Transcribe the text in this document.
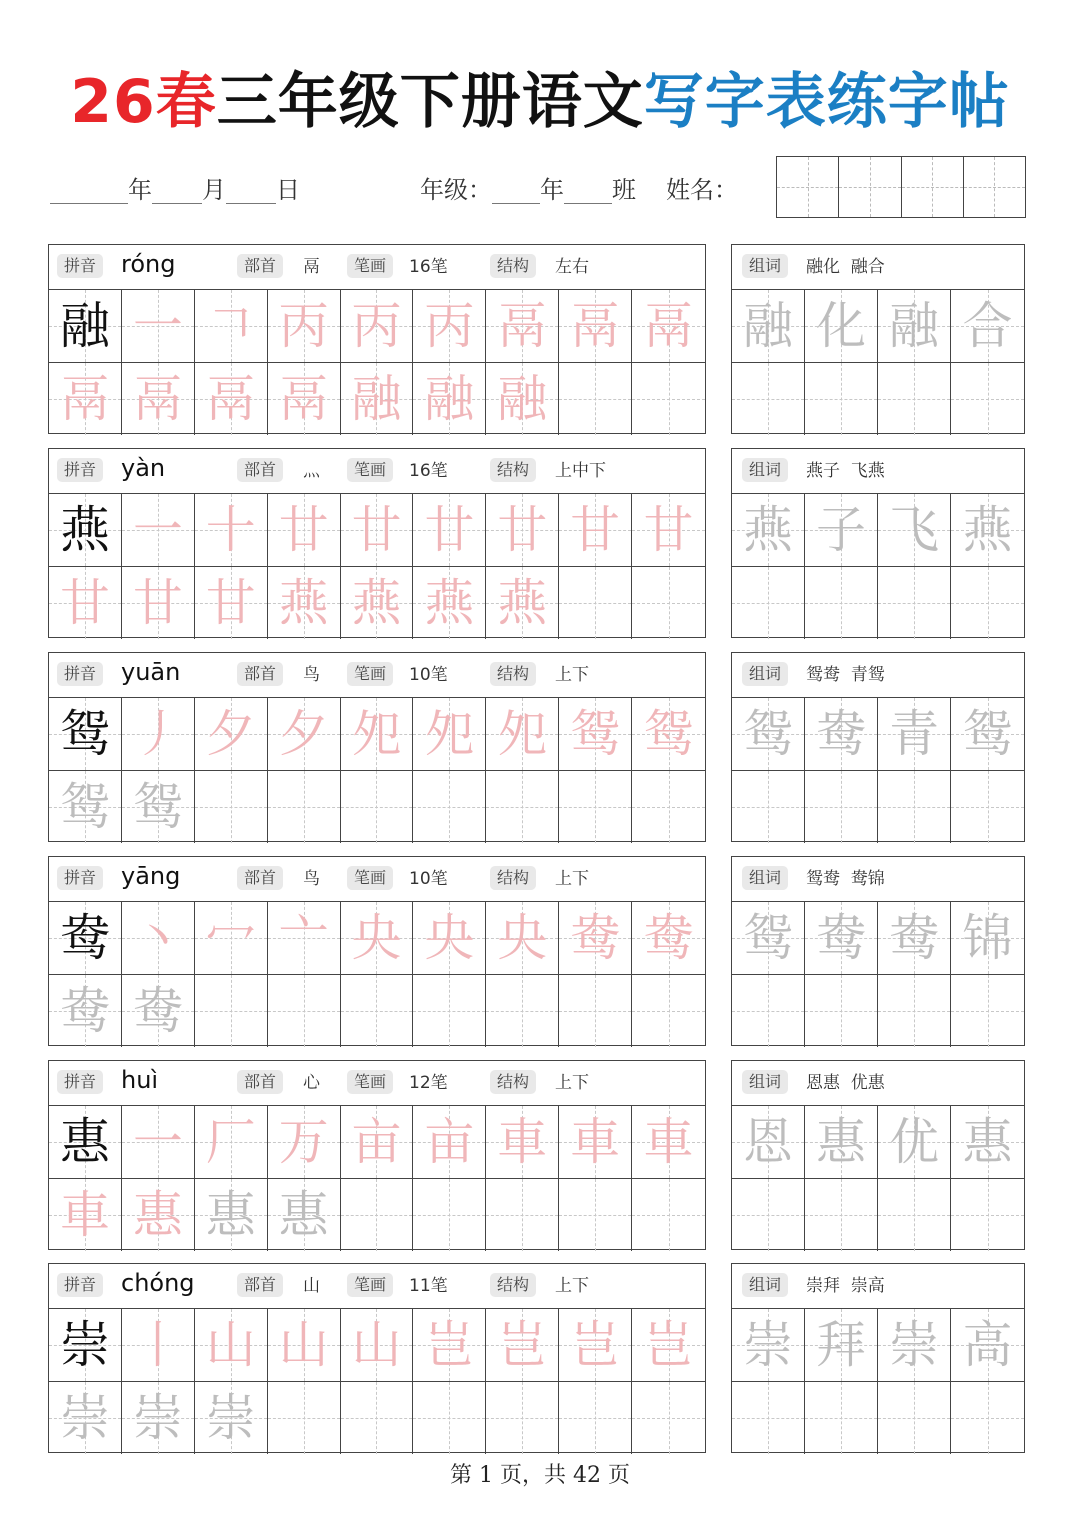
26春三年级下册语文写字表练字帖
年 月 日	年级： 年 班 姓名：
拼音 róng	部首	鬲	笔画	16笔	结构	左右
融 一 𠃍 丙 丙 丙 鬲 鬲 鬲
鬲 鬲 鬲 鬲 融 融 融
组词	融化  融合
融 化 融 合
拼音 yàn	部首	灬	笔画	16笔	结构	上中下
燕 一 十 廿 廿 廿 廿 甘 甘
甘 甘 甘 燕 燕 燕 燕
组词	燕子  飞燕
燕 子 飞 燕
拼音 yuān	部首	鸟	笔画	10笔	结构	上下
鸳 丿 夕 夕 夗 夗 夗 鸳 鸳
鸳 鸳
组词	鸳鸯  青鸳
鸳 鸯 青 鸳
拼音 yāng	部首	鸟	笔画	10笔	结构	上下
鸯 丶 冖 亠 央 央 央 鸯 鸯
鸯 鸯
组词	鸳鸯  鸯锦
鸳 鸯 鸯 锦
拼音 huì	部首	心	笔画	12笔	结构	上下
惠 一 厂 万 亩 亩 車 車 車
車 惠 惠 惠
组词	恩惠  优惠
恩 惠 优 惠
拼音 chóng	部首	山	笔画	11笔	结构	上下
崇 丨 山 山 山 岂 岂 岂 岂
崇 崇 崇
组词	崇拜  崇高
崇 拜 崇 高
第 1 页，共 42 页
